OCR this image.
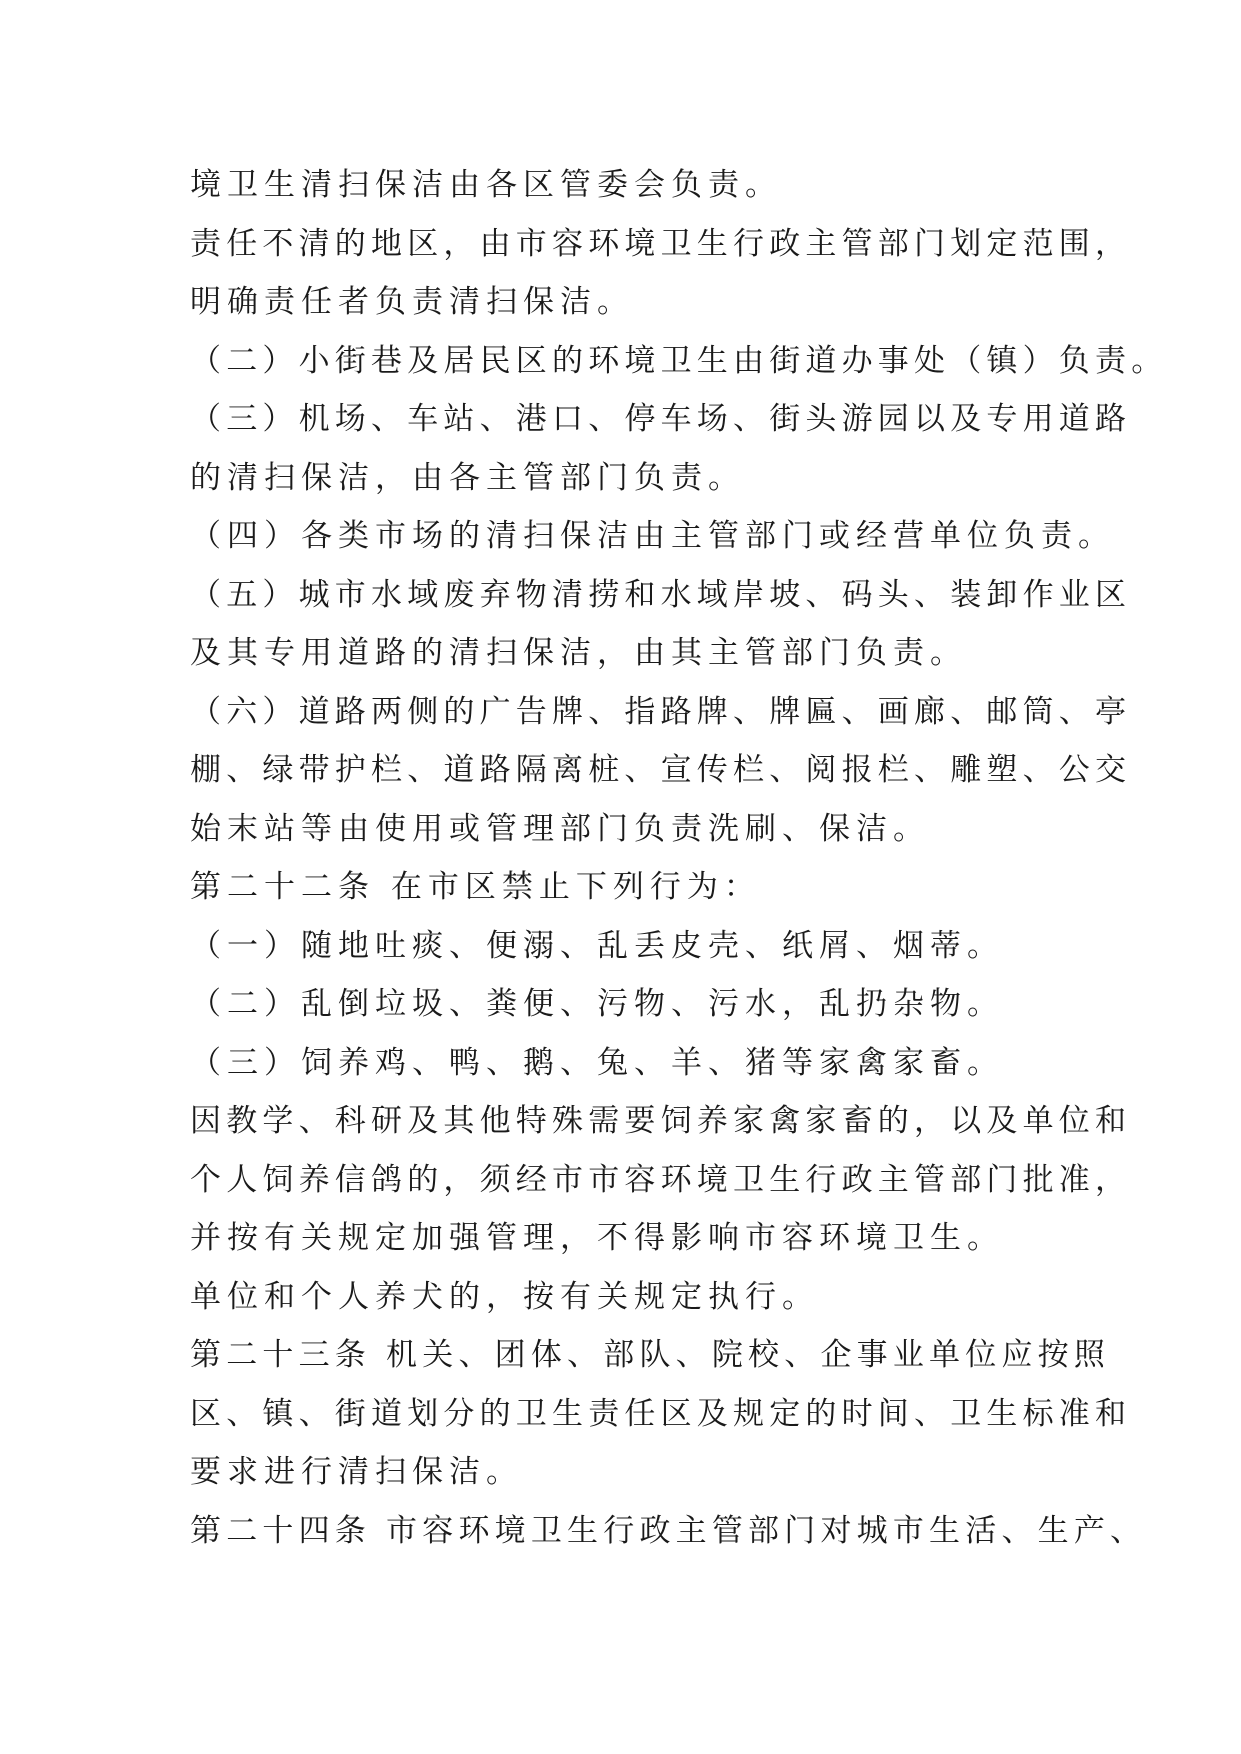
境卫生清扫保洁由各区管委会负责。
责任不清的地区，由市容环境卫生行政主管部门划定范围，
明确责任者负责清扫保洁。
（二）小街巷及居民区的环境卫生由街道办事处（镇）负责。
（三）机场、车站、港口、停车场、街头游园以及专用道路
的清扫保洁，由各主管部门负责。
（四）各类市场的清扫保洁由主管部门或经营单位负责。
（五）城市水域废弃物清捞和水域岸坡、码头、装卸作业区
及其专用道路的清扫保洁，由其主管部门负责。
（六）道路两侧的广告牌、指路牌、牌匾、画廊、邮筒、亭
棚、绿带护栏、道路隔离桩、宣传栏、阅报栏、雕塑、公交
始末站等由使用或管理部门负责洗刷、保洁。
第二十二条 在市区禁止下列行为：
（一）随地吐痰、便溺、乱丢皮壳、纸屑、烟蒂。
（二）乱倒垃圾、粪便、污物、污水，乱扔杂物。
（三）饲养鸡、鸭、鹅、兔、羊、猪等家禽家畜。
因教学、科研及其他特殊需要饲养家禽家畜的，以及单位和
个人饲养信鸽的，须经市市容环境卫生行政主管部门批准，
并按有关规定加强管理，不得影响市容环境卫生。
单位和个人养犬的，按有关规定执行。
第二十三条 机关、团体、部队、院校、企事业单位应按照
区、镇、街道划分的卫生责任区及规定的时间、卫生标准和
要求进行清扫保洁。
第二十四条 市容环境卫生行政主管部门对城市生活、生产、
